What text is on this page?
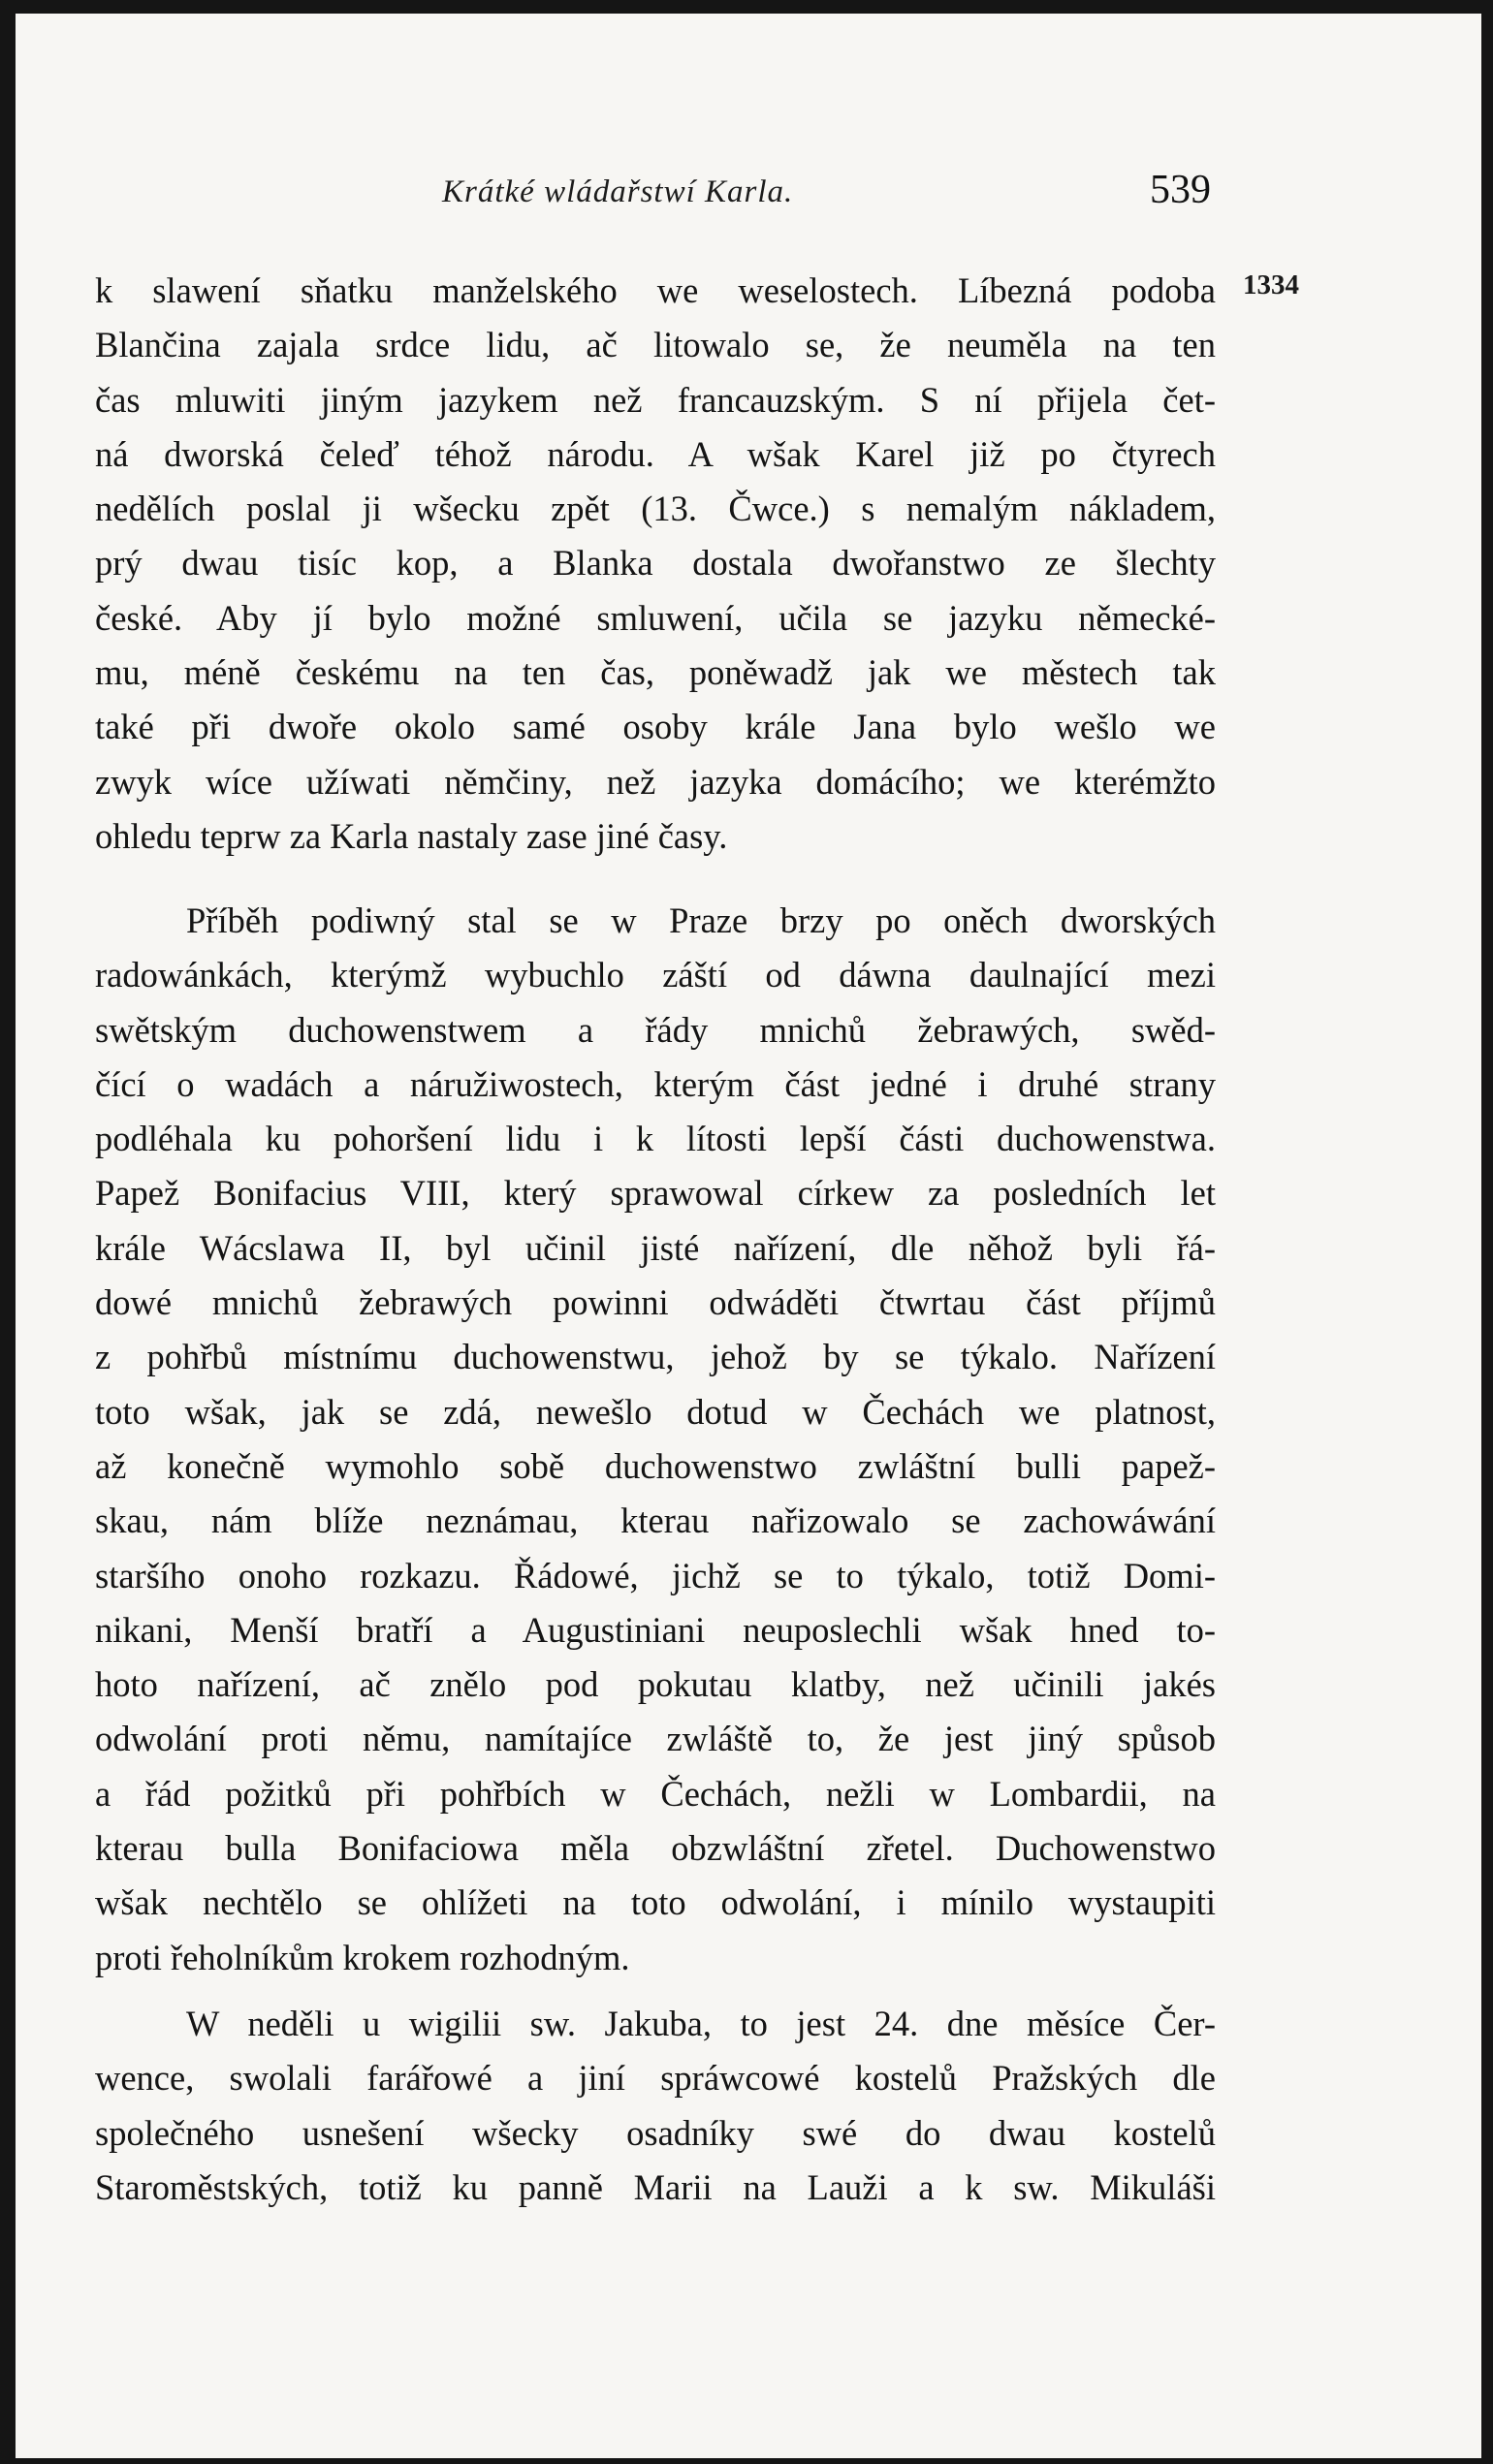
Krátké wládařstwí Karla.	539
1334
k slawení sňatku manželského we weselostech. Líbezná podoba
Blančina zajala srdce lidu, ač litowalo se, že neuměla na ten
čas mluwiti jiným jazykem než francauzským. S ní přijela čet-
ná dworská čeleď téhož národu. A wšak Karel již po čtyrech
nedělích poslal ji wšecku zpět (13. Čwce.) s nemalým nákladem,
prý dwau tisíc kop, a Blanka dostala dwořanstwo ze šlechty
české. Aby jí bylo možné smluwení, učila se jazyku německé-
mu, méně českému na ten čas, poněwadž jak we městech tak
také při dwoře okolo samé osoby krále Jana bylo wešlo we
zwyk wíce užíwati němčiny, než jazyka domácího; we kterémžto
ohledu teprw za Karla nastaly zase jiné časy.
Příběh podiwný stal se w Praze brzy po oněch dworských
radowánkách, kterýmž wybuchlo záští od dáwna daulnající mezi
swětským duchowenstwem a řády mnichů žebrawých, swěd-
čící o wadách a náružiwostech, kterým část jedné i druhé strany
podléhala ku pohoršení lidu i k lítosti lepší části duchowenstwa.
Papež Bonifacius VIII, který sprawowal církew za posledních let
krále Wácslawa II, byl učinil jisté nařízení, dle něhož byli řá-
dowé mnichů žebrawých powinni odwáděti čtwrtau část příjmů
z pohřbů místnímu duchowenstwu, jehož by se týkalo. Nařízení
toto wšak, jak se zdá, newešlo dotud w Čechách we platnost,
až konečně wymohlo sobě duchowenstwo zwláštní bulli papež-
skau, nám blíže neznámau, kterau nařizowalo se zachowáwání
staršího onoho rozkazu. Řádowé, jichž se to týkalo, totiž Domi-
nikani, Menší bratří a Augustiniani neuposlechli wšak hned to-
hoto nařízení, ač znělo pod pokutau klatby, než učinili jakés
odwolání proti němu, namítajíce zwláště to, že jest jiný spůsob
a řád požitků při pohřbích w Čechách, nežli w Lombardii, na
kterau bulla Bonifaciowa měla obzwláštní zřetel. Duchowenstwo
wšak nechtělo se ohlížeti na toto odwolání, i mínilo wystaupiti
proti řeholníkům krokem rozhodným.
W neděli u wigilii sw. Jakuba, to jest 24. dne měsíce Čer-
wence, swolali farářowé a jiní spráwcowé kostelů Pražských dle
společného usnešení wšecky osadníky swé do dwau kostelů
Staroměstských, totiž ku panně Marii na Lauži a k sw. Mikuláši
